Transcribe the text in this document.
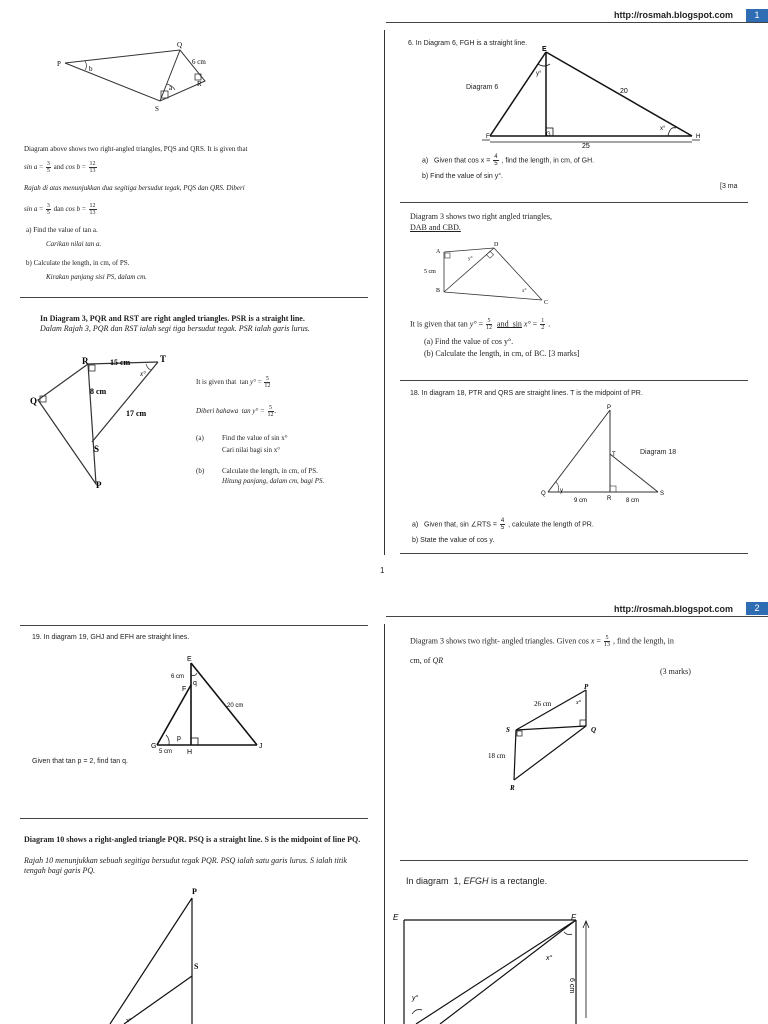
http://rosmah.blogspot.com	1
P
Q
R
S
b
a
6 cm
Diagram above shows two right-angled triangles, PQS and QRS. It is given that
$\sin a = \frac{3}{5}$ and $\cos b = \frac{12}{13}$
Rajah di atas menunjukkan dua segitiga bersudut tegak, PQS dan QRS. Diberi
$\sin a = \frac{3}{5}$ dan $\cos b = \frac{12}{13}$
a) Find the value of tan a.
Carikan nilai tan a.
b) Calculate the length, in cm, of PS.
Kirakan panjang sisi PS, dalam cm.
In Diagram 3, PQR and RST are right angled triangles. PSR is a straight line.
Dalam Rajah 3, PQR dan RST ialah segi tiga bersudut tegak. PSR ialah garis lurus.
R	T
Q
S
P
x°
15 cm
8 cm
17 cm
It is given that  $\tan y^\circ = \frac{5}{12}$
Diberi bahawa  $\tan y^\circ = \frac{5}{12}$ .
(a)	Find the value of sin x°
Cari nilai bagi sin x°
(b)	Calculate the length, in cm, of PS.
Hitung panjang, dalam cm, bagi PS.
6. In Diagram 6, FGH is a straight line.
E
F	G	H
y°
x°
20
25
Diagram 6
a)   Given that $\cos x = \frac{4}{5}$ , find the length, in cm, of GH.
b) Find the value of sin y°.
[3 ma
Diagram 3 shows two right angled triangles,
DAB and CBD.
A
B
C
D
y°
x°
5 cm
It is given that $\tan y^\circ = \frac{5}{12}$ and  $\sin x^\circ = \frac{1}{2}$ .
(a) Find the value of cos y°.
(b) Calculate the length, in cm, of BC. [3 marks]
18. In diagram 18, PTR and QRS are straight lines. T is the midpoint of PR.
P
T
Q
R
S
y
9 cm	8 cm
Diagram 18
a)   Given that, sin ∠RTS = $\frac{4}{5}$ , calculate the length of PR.
b) State the value of cos y.
1
http://rosmah.blogspot.com	2
19. In diagram 19, GHJ and EFH are straight lines.
E
F
G
H
J
p
q
6 cm
5 cm
20 cm
Given that tan p = 2, find tan q.
Diagram 3 shows two right- angled triangles. Given $\cos x = \frac{5}{13}$ , find the length, in
cm, of QR
(3 marks)
P
Q
R
S
x°
26 cm
18 cm
Diagram 10 shows a right-angled triangle PQR. PSQ is a straight line. S is the midpoint of line PQ.
Rajah 10 menunjukkan sebuah segitiga bersudut tegak PQR. PSQ ialah satu garis lurus. S ialah titik tengah bagi garis PQ.
P
S
x°
In diagram  1, EFGH is a rectangle.
E	F
x°
y°
6 cm
